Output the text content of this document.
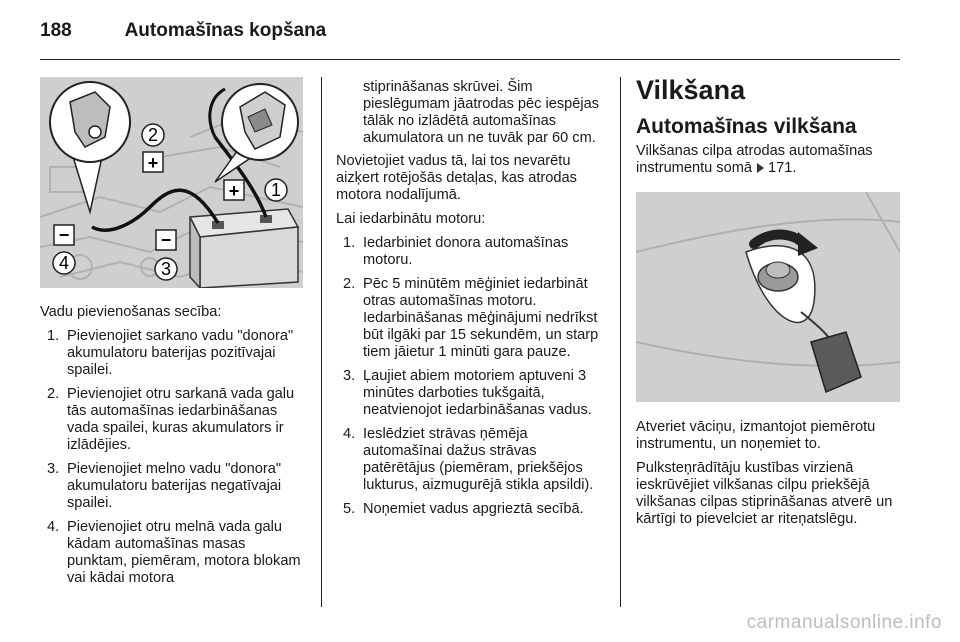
188	Automašīnas kopšana
2
+
1
+
−
3
−
4

Vadu pievienošanas secība:

1. Pievienojiet sarkano vadu "donora" akumulatoru baterijas pozitīvajai spailei.
2. Pievienojiet otru sarkanā vada galu tās automašīnas iedarbināšanas vada spailei, kuras akumulators ir izlādējies.
3. Pievienojiet melno vadu "donora" akumulatoru baterijas negatīvajai spailei.
4. Pievienojiet otru melnā vada galu kādam automašīnas masas punktam, piemēram, motora blokam vai kādai motora
stiprināšanas skrūvei. Šim pieslēgumam jāatrodas pēc iespējas tālāk no izlādētā automašīnas akumulatora un ne tuvāk par 60 cm.

Novietojiet vadus tā, lai tos nevarētu aizķert rotējošās detaļas, kas atrodas motora nodalījumā.

Lai iedarbinātu motoru:

1. Iedarbiniet donora automašīnas motoru.
2. Pēc 5 minūtēm mēģiniet iedarbināt otras automašīnas motoru. Iedarbināšanas mēģinājumi nedrīkst būt ilgāki par 15 sekundēm, un starp tiem jāietur 1 minūti gara pauze.
3. Ļaujiet abiem motoriem aptuveni 3 minūtes darboties tukšgaitā, neatvienojot iedarbināšanas vadus.
4. Ieslēdziet strāvas ņēmēja automašīnai dažus strāvas patērētājus (piemēram, priekšējos lukturus, aizmugurējā stikla apsildi).
5. Noņemiet vadus apgrieztā secībā.
Vilkšana
Automašīnas vilkšana

Vilkšanas cilpa atrodas automašīnas instrumentu somā 171.

Atveriet vāciņu, izmantojot piemērotu instrumentu, un noņemiet to.

Pulksteņrādītāju kustības virzienā ieskrūvējiet vilkšanas cilpu priekšējā vilkšanas cilpas stiprināšanas atverē un kārtīgi to pievelciet ar riteņatslēgu.

carmanualsonline.info
